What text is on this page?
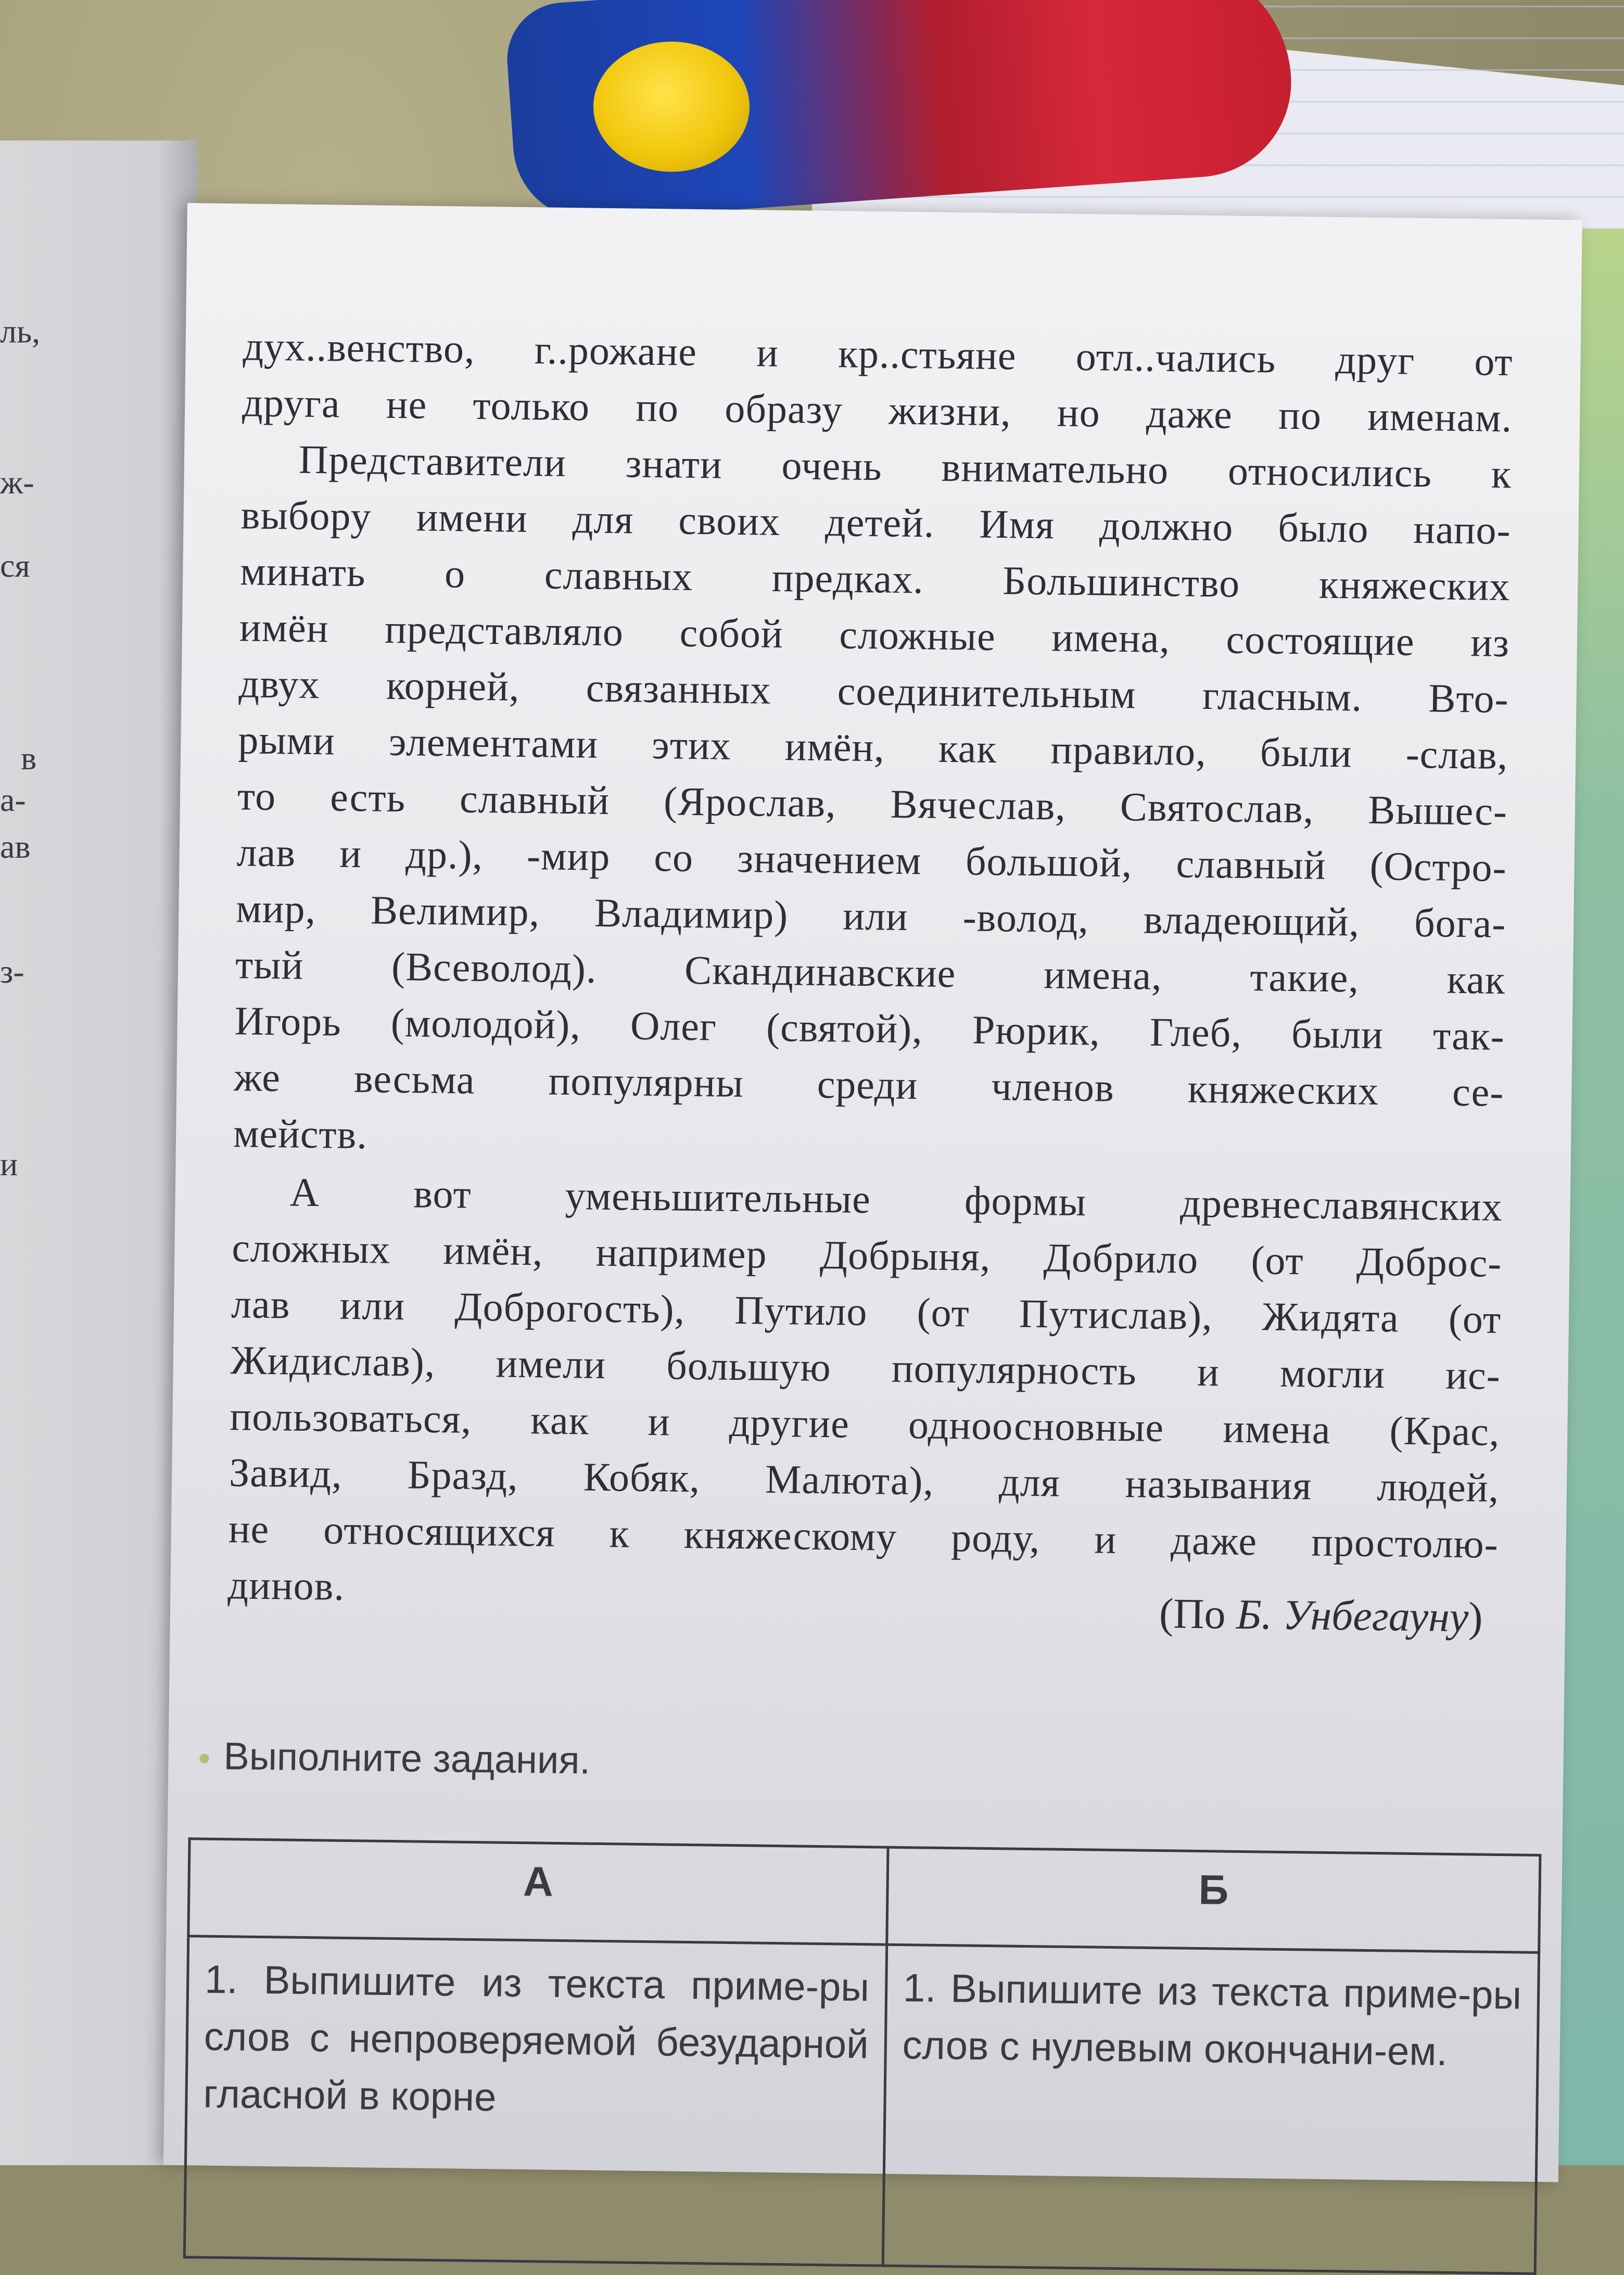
ль,
ж-
ся
в
а-
ав
з-
и
дух..венство, г..рожане и кр..стьяне отл..чались друг от
друга не только по образу жизни, но даже по именам.
Представители знати очень внимательно относились к
выбору имени для своих детей. Имя должно было напо-
минать о славных предках. Большинство княжеских
имён представляло собой сложные имена, состоящие из
двух корней, связанных соединительным гласным. Вто-
рыми элементами этих имён, как правило, были -слав,
то есть славный (Ярослав, Вячеслав, Святослав, Вышес-
лав и др.), -мир со значением большой, славный (Остро-
мир, Велимир, Владимир) или -волод, владеющий, бога-
тый (Всеволод). Скандинавские имена, такие, как
Игорь (молодой), Олег (святой), Рюрик, Глеб, были так-
же весьма популярны среди членов княжеских се-
мейств.
А вот уменьшительные формы древнеславянских
сложных имён, например Добрыня, Добрило (от Доброс-
лав или Доброгость), Путило (от Путислав), Жидята (от
Жидислав), имели большую популярность и могли ис-
пользоваться, как и другие одноосновные имена (Крас,
Завид, Бразд, Кобяк, Малюта), для называния людей,
не относящихся к княжескому роду, и даже простолю-
динов.
(По Б. Унбегауну)
Выполните задания.
А	Б
1. Выпишите из текста приме-ры слов с непроверяемой безударной гласной в корне	1. Выпишите из текста приме-ры слов с нулевым окончани-ем.
